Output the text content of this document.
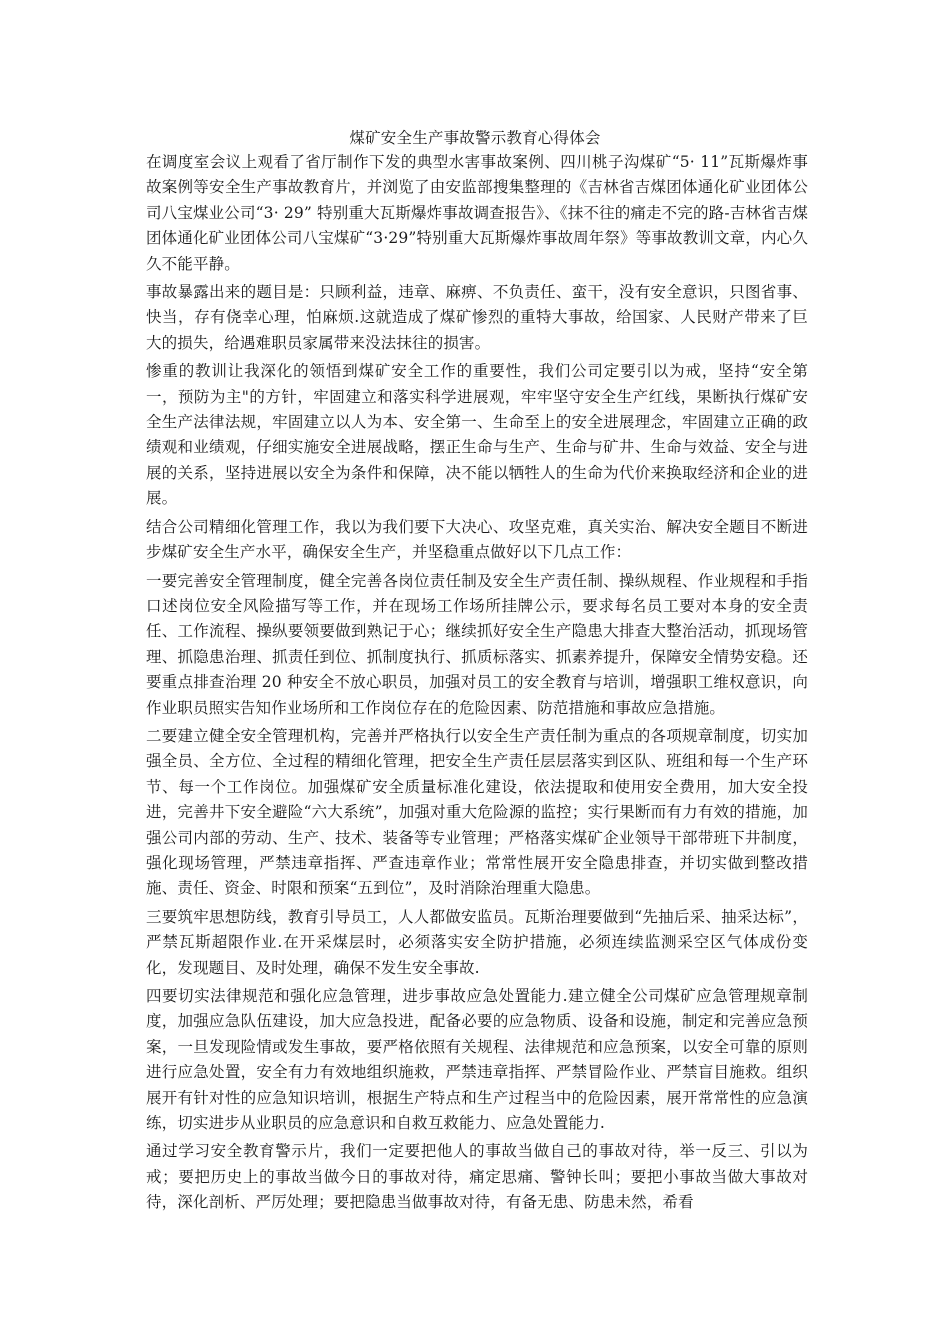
煤矿安全生产事故警示教育心得体会

在调度室会议上观看了省厅制作下发的典型水害事故案例、四川桃子沟煤矿“5· 11”瓦斯爆炸事故案例等安全生产事故教育片，并浏览了由安监部搜集整理的《吉林省吉煤团体通化矿业团体公司八宝煤业公司“3· 29” 特别重大瓦斯爆炸事故调查报告》、《抹不往的痛走不完的路-吉林省吉煤团体通化矿业团体公司八宝煤矿“3·29”特别重大瓦斯爆炸事故周年祭》等事故教训文章，内心久久不能平静。

事故暴露出来的题目是：只顾利益，违章、麻痹、不负责任、蛮干，没有安全意识，只图省事、快当，存有侥幸心理，怕麻烦.这就造成了煤矿惨烈的重特大事故，给国家、人民财产带来了巨大的损失，给遇难职员家属带来没法抹往的损害。

惨重的教训让我深化的领悟到煤矿安全工作的重要性，我们公司定要引以为戒，坚持“安全第一，预防为主"的方针，牢固建立和落实科学进展观，牢牢坚守安全生产红线，果断执行煤矿安全生产法律法规，牢固建立以人为本、安全第一、生命至上的安全进展理念，牢固建立正确的政绩观和业绩观，仔细实施安全进展战略，摆正生命与生产、生命与矿井、生命与效益、安全与进展的关系，坚持进展以安全为条件和保障，决不能以牺牲人的生命为代价来换取经济和企业的进展。

结合公司精细化管理工作，我以为我们要下大决心、攻坚克难，真关实治、解决安全题目不断进步煤矿安全生产水平，确保安全生产，并坚稳重点做好以下几点工作：

一要完善安全管理制度，健全完善各岗位责任制及安全生产责任制、操纵规程、作业规程和手指口述岗位安全风险描写等工作，并在现场工作场所挂牌公示，要求每名员工要对本身的安全责任、工作流程、操纵要领要做到熟记于心；继续抓好安全生产隐患大排查大整治活动，抓现场管理、抓隐患治理、抓责任到位、抓制度执行、抓质标落实、抓素养提升，保障安全情势安稳。还要重点排查治理 20 种安全不放心职员，加强对员工的安全教育与培训，增强职工维权意识，向作业职员照实告知作业场所和工作岗位存在的危险因素、防范措施和事故应急措施。

二要建立健全安全管理机构，完善并严格执行以安全生产责任制为重点的各项规章制度，切实加强全员、全方位、全过程的精细化管理，把安全生产责任层层落实到区队、班组和每一个生产环节、每一个工作岗位。加强煤矿安全质量标准化建设，依法提取和使用安全费用，加大安全投进，完善井下安全避险“六大系统”，加强对重大危险源的监控；实行果断而有力有效的措施，加强公司内部的劳动、生产、技术、装备等专业管理；严格落实煤矿企业领导干部带班下井制度，强化现场管理，严禁违章指挥、严查违章作业；常常性展开安全隐患排查，并切实做到整改措施、责任、资金、时限和预案“五到位”，及时消除治理重大隐患。

三要筑牢思想防线，教育引导员工，人人都做安监员。瓦斯治理要做到“先抽后采、抽采达标”，严禁瓦斯超限作业.在开采煤层时，必须落实安全防护措施，必须连续监测采空区气体成份变化，发现题目、及时处理，确保不发生安全事故.

四要切实法律规范和强化应急管理，进步事故应急处置能力.建立健全公司煤矿应急管理规章制度，加强应急队伍建设，加大应急投进，配备必要的应急物质、设备和设施，制定和完善应急预案，一旦发现险情或发生事故，要严格依照有关规程、法律规范和应急预案，以安全可靠的原则进行应急处置，安全有力有效地组织施救，严禁违章指挥、严禁冒险作业、严禁盲目施救。组织展开有针对性的应急知识培训，根据生产特点和生产过程当中的危险因素，展开常常性的应急演练，切实进步从业职员的应急意识和自救互救能力、应急处置能力.

通过学习安全教育警示片，我们一定要把他人的事故当做自己的事故对待，举一反三、引以为戒；要把历史上的事故当做今日的事故对待，痛定思痛、警钟长叫；要把小事故当做大事故对待，深化剖析、严厉处理；要把隐患当做事故对待，有备无患、防患未然，希看
